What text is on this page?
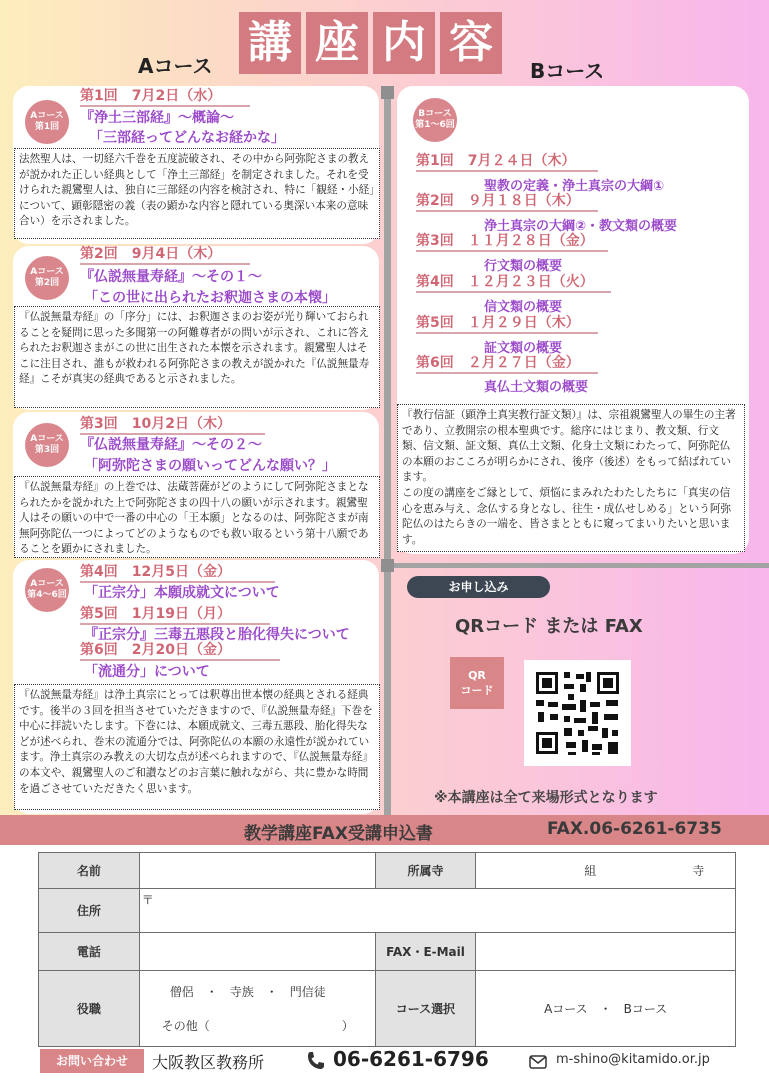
Aコース 講 座 内 容
Bコース
Aコース
第1回
第1回　7月2日（水）
『浄土三部経』～概論～
「三部経ってどんなお経かな」
法然聖人は、一切経六千巻を五度読破され、その中から阿弥陀さまの教えが説かれた正しい経典として「浄土三部経」を制定されました。それを受けられた親鸞聖人は、独自に三部経の内容を検討され、特に「観経・小経」について、顕彰隠密の義（表の顕かな内容と隠れている奥深い本来の意味合い）を示されました。
Aコース
第2回
第2回　9月4日（木）
『仏説無量寿経』～その１～
「この世に出られたお釈迦さまの本懐」
『仏説無量寿経』の「序分」には、お釈迦さまのお姿が光り輝いておられることを疑問に思った多聞第一の阿難尊者がの問いが示され、これに答えられたお釈迦さまがこの世に出生された本懐を示されます。親鸞聖人はそこに注目され、誰もが救われる阿弥陀さまの教えが説かれた『仏説無量寿経』こそが真実の経典であると示されました。
Aコース
第3回
第3回　10月2日（木）
『仏説無量寿経』～その２～
「阿弥陀さまの願いってどんな願い？」
『仏説無量寿経』の上巻では、法蔵菩薩がどのようにして阿弥陀さまとなられたかを説かれた上で阿弥陀さまの四十八の願いが示されます。親鸞聖人はその願いの中で一番の中心の「王本願」となるのは、阿弥陀さまが南無阿弥陀仏一つによってどのようなものでも救い取るという第十八願であることを顕かにされました。
Aコース
第4～6回
第4回　12月5日（金）
「正宗分」本願成就文について
第5回　1月19日（月）
『正宗分』三毒五悪段と胎化得失について
第6回　2月20日（金）
「流通分」について
『仏説無量寿経』は浄土真宗にとっては釈尊出世本懐の経典とされる経典です。後半の３回を担当させていただきますので、『仏説無量寿経』下巻を中心に拝読いたします。下巻には、本願成就文、三毒五悪段、胎化得失などが述べられ、巻末の流通分では、阿弥陀仏の本願の永遠性が説かれています。浄土真宗のみ教えの大切な点が述べられますので、『仏説無量寿経』の本文や、親鸞聖人のご和讃などのお言葉に触れながら、共に豊かな時間を過ごさせていただきたく思います。
Bコース
第1～6回
第1回　7月２４日（木）
聖教の定義・浄土真宗の大綱①
第2回　９月１８日（木）
浄土真宗の大綱②・教文類の概要
第3回　１１月２８日（金）
行文類の概要
第4回　１２月２３日（火）
信文類の概要
第5回　１月２９日（木）
証文類の概要
第6回　２月２７日（金）
真仏土文類の概要
『教行信証（顕浄土真実教行証文類）』は、宗祖親鸞聖人の畢生の主著であり、立教開宗の根本聖典です。総序にはじまり、教文類、行文類、信文類、証文類、真仏土文類、化身土文類にわたって、阿弥陀仏の本願のおこころが明らかにされ、後序（後述）をもって結ばれています。
この度の講座をご縁として、煩悩にまみれたわたしたちに「真実の信心を恵み与え、念仏する身となし、往生・成仏せしめる」という阿弥陀仏のはたらきの一端を、皆さまとともに窺ってまいりたいと思います。
お申し込み
QRコード または FAX
QR
コード
※本講座は全て来場形式となります
教学講座FAX受講申込書	FAX.06-6261-6735
名前		所属寺	組 寺
住所	〒		
電話		FAX・E-Mail	
役職	僧侶　・　寺族　・　門信徒
その他（　　　　　　　　　　　）	コース選択	Aコース　・　Bコース
お問い合わせ	大阪教区教務所	06-6261-6796	m-shino@kitamido.or.jp
